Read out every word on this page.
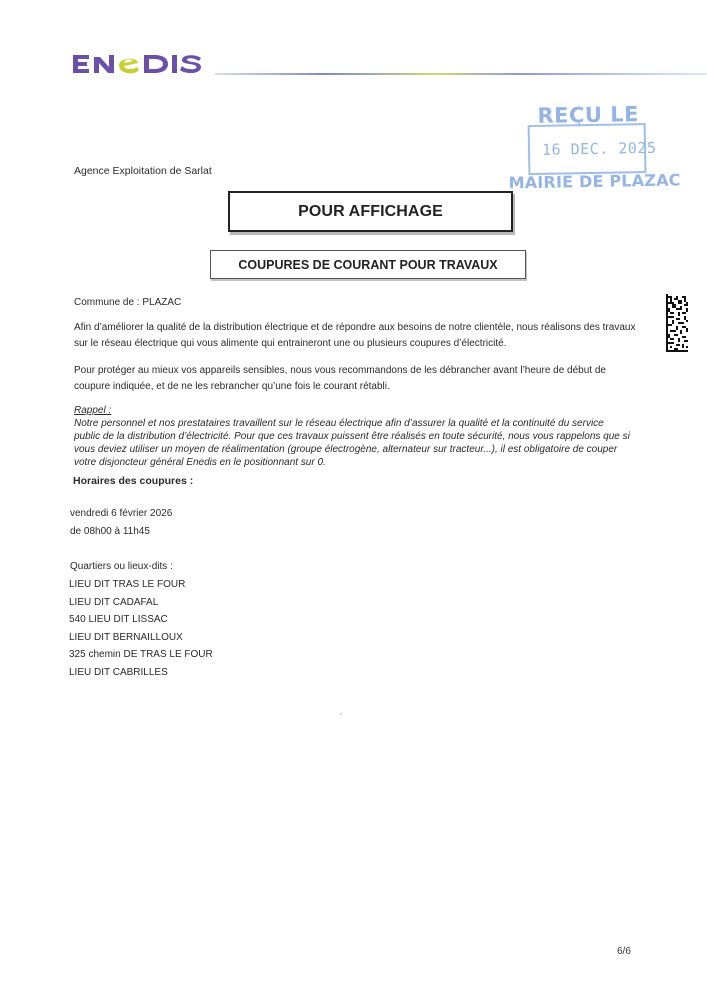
REÇU LE
16 DEC. 2025
MAIRIE DE PLAZAC
Agence Exploitation de Sarlat
POUR AFFICHAGE
COUPURES DE COURANT POUR TRAVAUX
Commune de : PLAZAC

Afin d’améliorer la qualité de la distribution électrique et de répondre aux besoins de notre clientèle, nous réalisons des travaux sur le réseau électrique qui vous alimente qui entraineront une ou plusieurs coupures d’électricité.

Pour protéger au mieux vos appareils sensibles, nous vous recommandons de les débrancher avant l’heure de début de coupure indiquée, et de ne les rebrancher qu’une fois le courant rétabli.

Rappel :

Notre personnel et nos prestataires travaillent sur le réseau électrique afin d’assurer la qualité et la continuité du service public de la distribution d’électricité. Pour que ces travaux puissent être réalisés en toute sécurité, nous vous rappelons que si vous deviez utiliser un moyen de réalimentation (groupe électrogène, alternateur sur tracteur...), il est obligatoire de couper votre disjoncteur général Enedis en le positionnant sur 0.

Horaires des coupures :
vendredi 6 février 2026
de 08h00 à 11h45
Quartiers ou lieux-dits :
LIEU DIT TRAS LE FOUR
LIEU DIT CADAFAL
540 LIEU DIT LISSAC
LIEU DIT BERNAILLOUX
325 chemin DE TRAS LE FOUR
LIEU DIT CABRILLES
6/6
